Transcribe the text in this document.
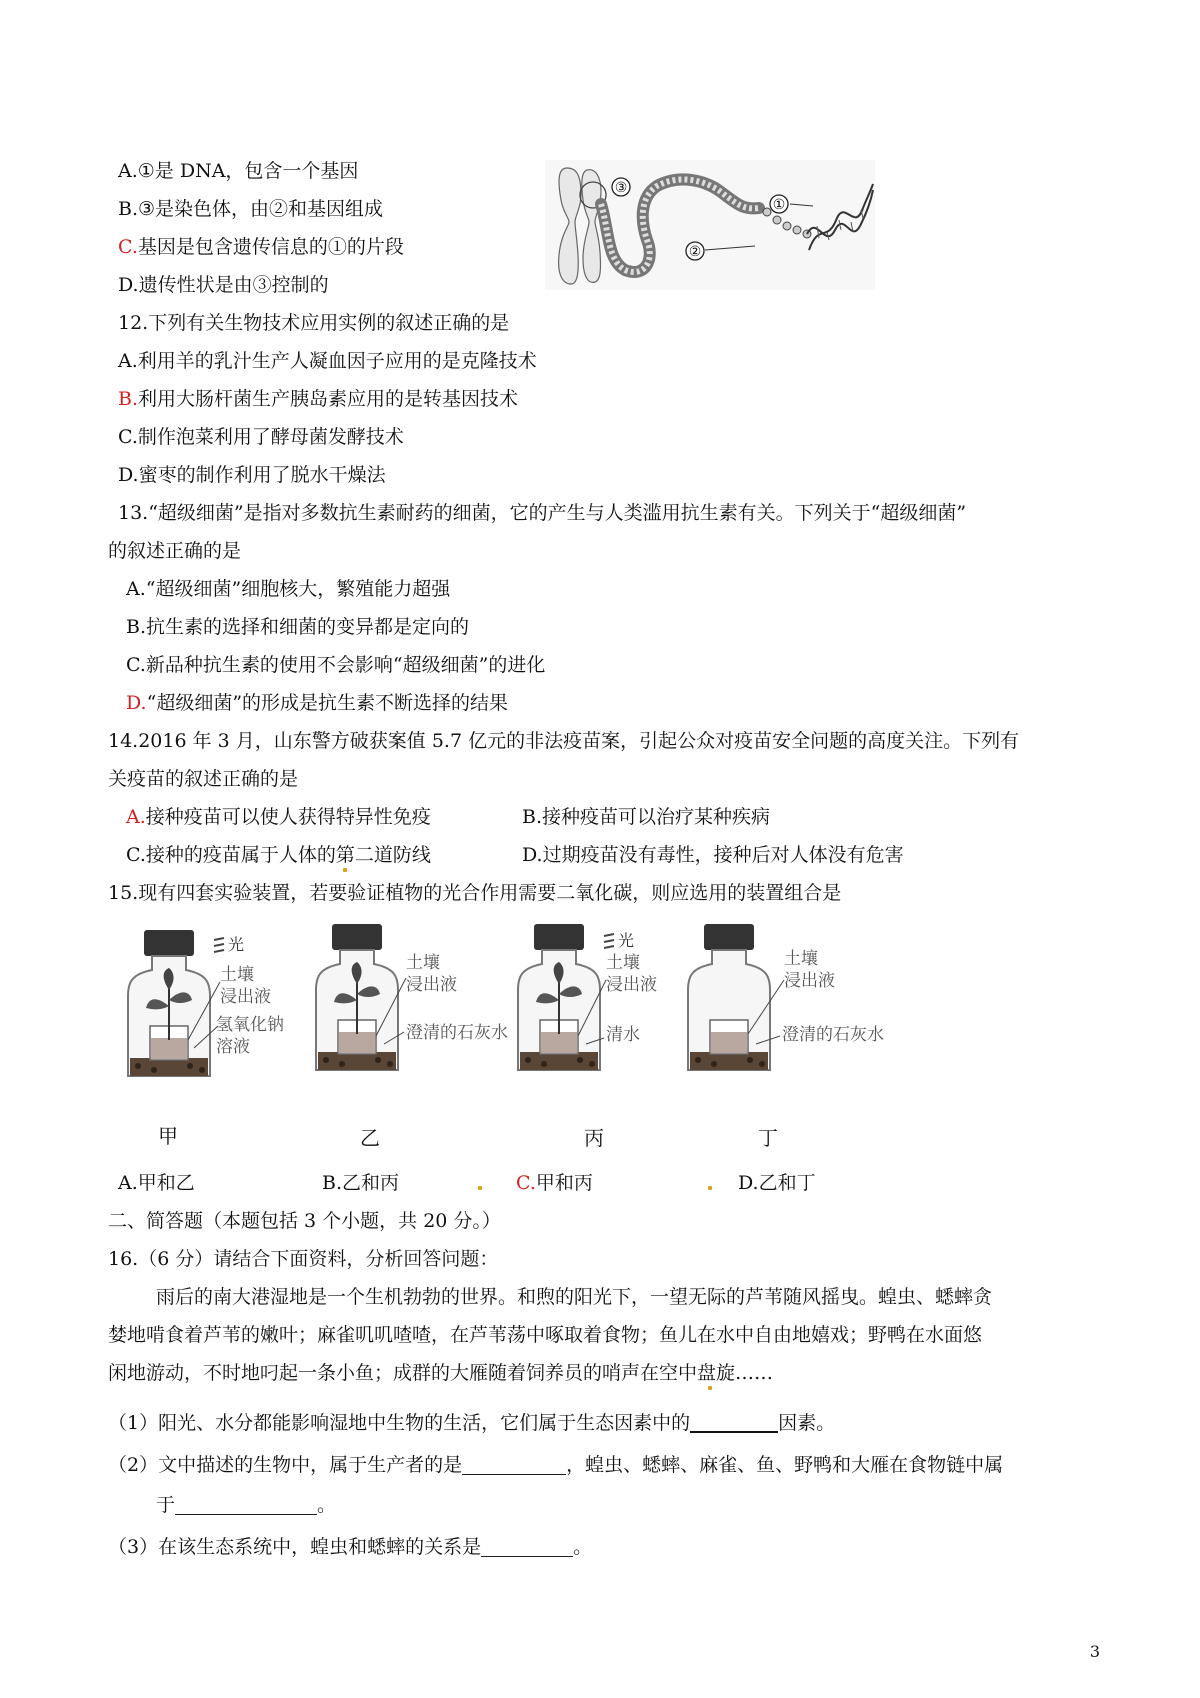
A.①是 DNA，包含一个基因
B.③是染色体，由②和基因组成
C.基因是包含遗传信息的①的片段
D.遗传性状是由③控制的
③
②
①
12.下列有关生物技术应用实例的叙述正确的是
A.利用羊的乳汁生产人凝血因子应用的是克隆技术
B.利用大肠杆菌生产胰岛素应用的是转基因技术
C.制作泡菜利用了酵母菌发酵技术
D.蜜枣的制作利用了脱水干燥法
13.“超级细菌”是指对多数抗生素耐药的细菌，它的产生与人类滥用抗生素有关。下列关于“超级细菌”
的叙述正确的是
A.“超级细菌”细胞核大，繁殖能力超强
B.抗生素的选择和细菌的变异都是定向的
C.新品种抗生素的使用不会影响“超级细菌”的进化
D.“超级细菌”的形成是抗生素不断选择的结果
14.2016 年 3 月，山东警方破获案值 5.7 亿元的非法疫苗案，引起公众对疫苗安全问题的高度关注。下列有
关疫苗的叙述正确的是
A.接种疫苗可以使人获得特异性免疫	B.接种疫苗可以治疗某种疾病
C.接种的疫苗属于人体的第二道防线	D.过期疫苗没有毒性，接种后对人体没有危害
15.现有四套实验装置，若要验证植物的光合作用需要二氧化碳，则应选用的装置组合是
光
土壤浸出液
氢氧化钠溶液
土壤浸出液
澄清的石灰水
光
土壤浸出液
清水
土壤浸出液
澄清的石灰水
甲	乙	丙	丁
A.甲和乙	B.乙和丙	C.甲和丙	D.乙和丁
二、简答题（本题包括 3 个小题，共 20 分。）
16.（6 分）请结合下面资料，分析回答问题：
雨后的南大港湿地是一个生机勃勃的世界。和煦的阳光下，一望无际的芦苇随风摇曳。蝗虫、蟋蟀贪
婪地啃食着芦苇的嫩叶；麻雀叽叽喳喳，在芦苇荡中啄取着食物；鱼儿在水中自由地嬉戏；野鸭在水面悠
闲地游动，不时地叼起一条小鱼；成群的大雁随着饲养员的哨声在空中盘旋……
（1）阳光、水分都能影响湿地中生物的生活，它们属于生态因素中的	因素。
（2）文中描述的生物中，属于生产者的是	，蝗虫、蟋蟀、麻雀、鱼、野鸭和大雁在食物链中属
于	。
（3）在该生态系统中，蝗虫和蟋蟀的关系是	。
3
